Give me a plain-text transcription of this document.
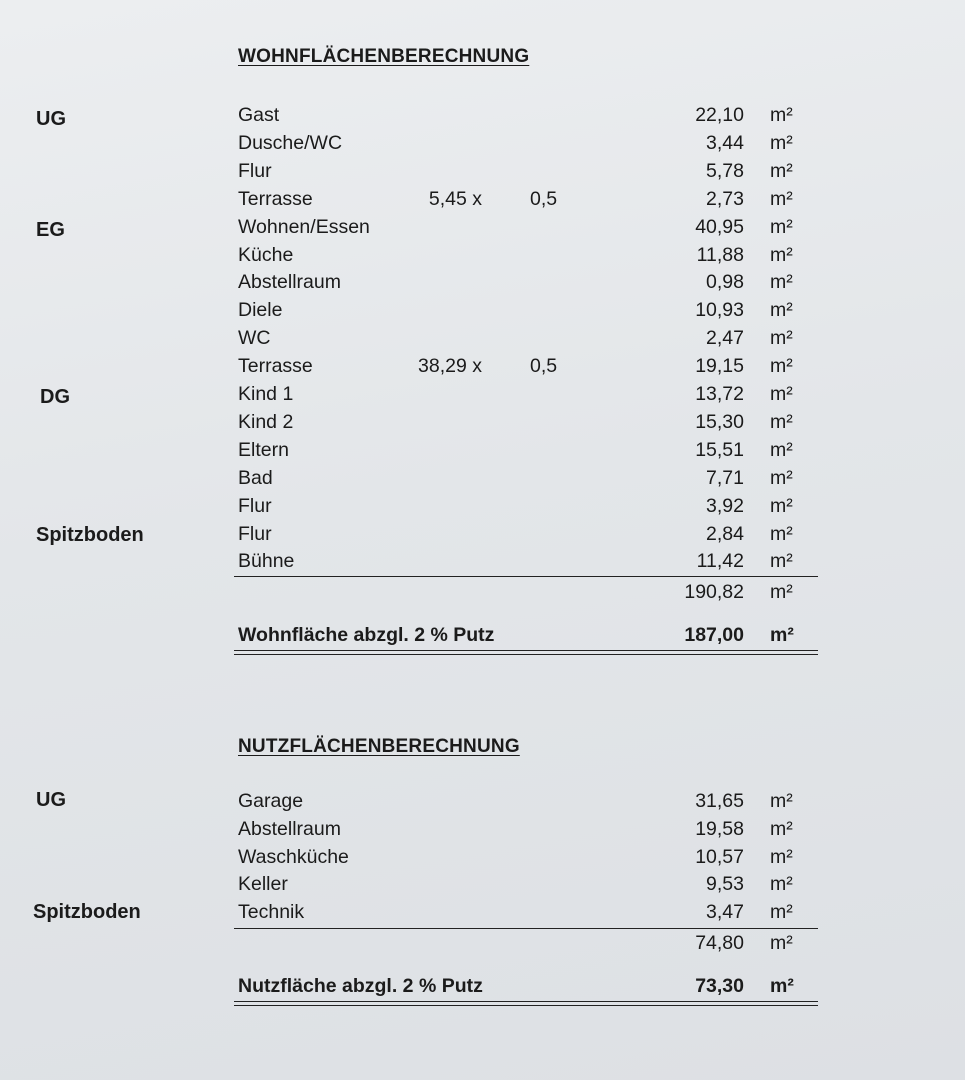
WOHNFLÄCHENBERECHNUNG
UG
EG
DG
Spitzboden
Gast	22,10 m²
Dusche/WC	3,44 m²
Flur	5,78 m²
Terrasse	5,45 x 0,5	2,73 m²
Wohnen/Essen	40,95 m²
Küche	11,88 m²
Abstellraum	0,98 m²
Diele	10,93 m²
WC	2,47 m²
Terrasse	38,29 x 0,5	19,15 m²
Kind 1	13,72 m²
Kind 2	15,30 m²
Eltern	15,51 m²
Bad	7,71 m²
Flur	3,92 m²
Flur	2,84 m²
Bühne	11,42 m²
190,82 m²
Wohnfläche abzgl. 2 % Putz	187,00 m²
NUTZFLÄCHENBERECHNUNG
UG
Spitzboden
Garage	31,65 m²
Abstellraum	19,58 m²
Waschküche	10,57 m²
Keller	9,53 m²
Technik	3,47 m²
74,80 m²
Nutzfläche abzgl. 2 % Putz	73,30 m²
